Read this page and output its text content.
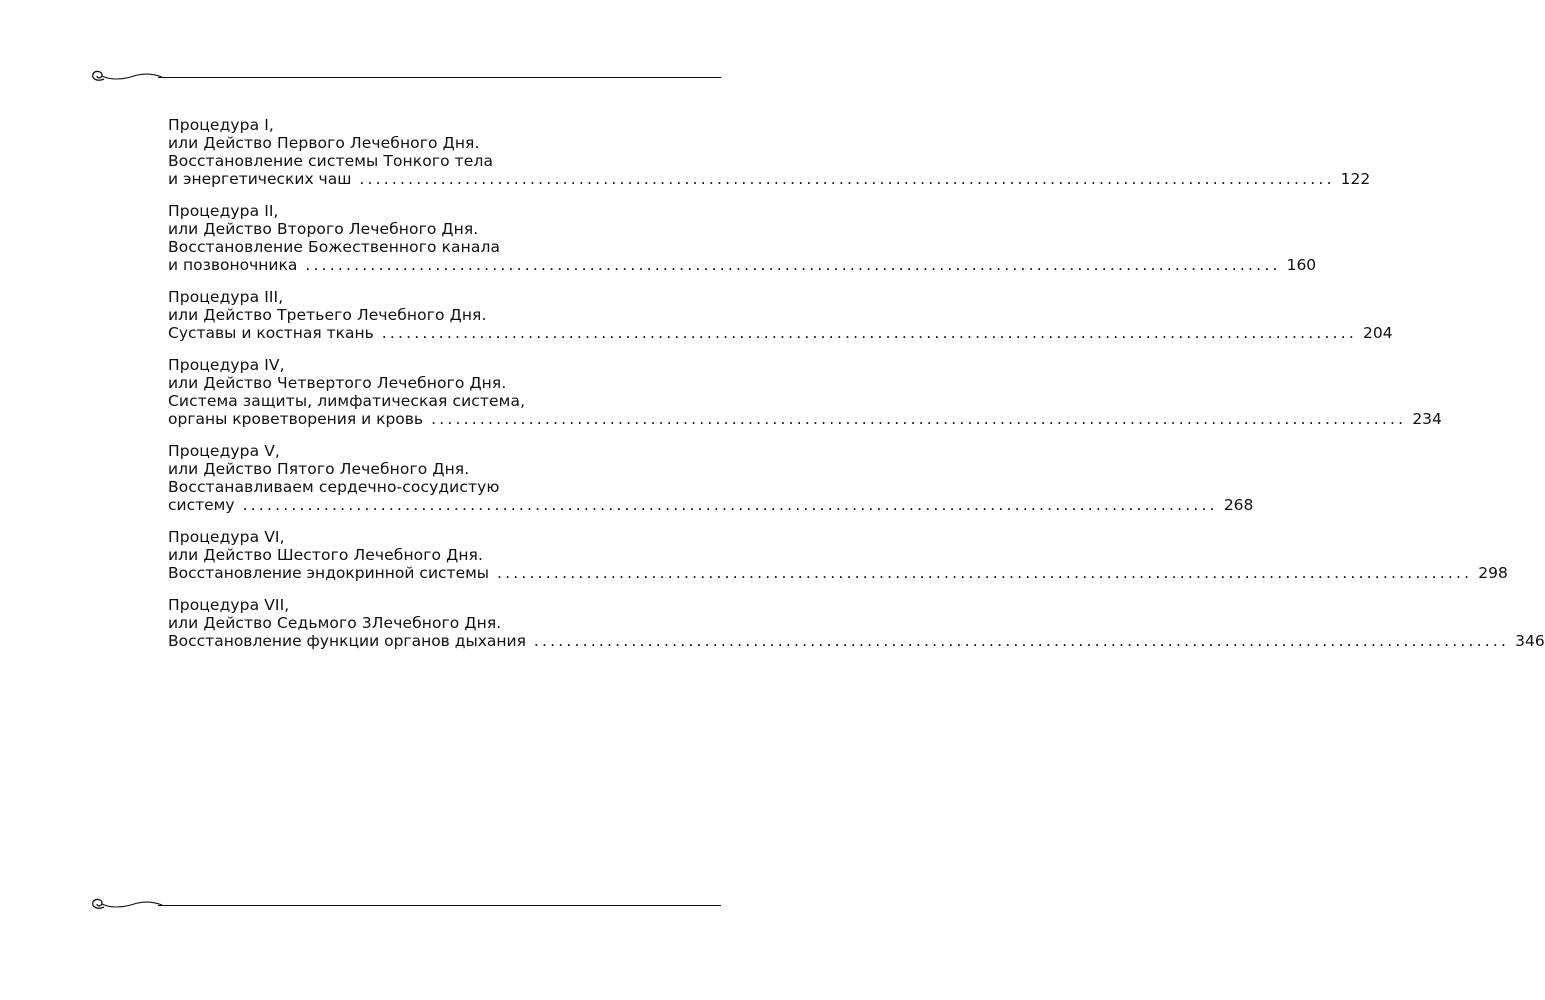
Процедура I,
или Действо Первого Лечебного Дня.
Восстановление системы Тонкого тела
и энергетических чаш ........................................................................................................................ 122
Процедура II,
или Действо Второго Лечебного Дня.
Восстановление Божественного канала
и позвоночника ........................................................................................................................ 160
Процедура III,
или Действо Третьего Лечебного Дня.
Суставы и костная ткань ........................................................................................................................ 204
Процедура IV,
или Действо Четвертого Лечебного Дня.
Система защиты, лимфатическая система,
органы кроветворения и кровь ........................................................................................................................ 234
Процедура V,
или Действо Пятого Лечебного Дня.
Восстанавливаем сердечно-сосудистую
систему ........................................................................................................................ 268
Процедура VI,
или Действо Шестого Лечебного Дня.
Восстановление эндокринной системы ........................................................................................................................ 298
Процедура VII,
или Действо Седьмого 3Лечебного Дня.
Восстановление функции органов дыхания ........................................................................................................................ 346
